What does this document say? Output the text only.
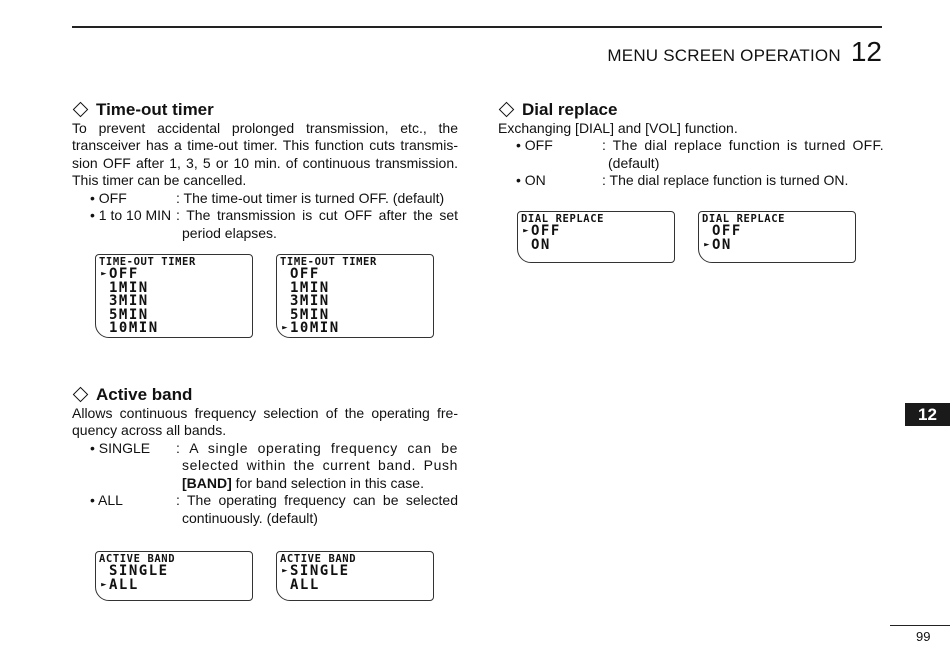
MENU SCREEN OPERATION 12
Time-out timer
To prevent accidental prolonged transmission, etc., the
transceiver has a time-out timer. This function cuts transmis-
sion OFF after 1, 3, 5 or 10 min. of continuous transmission.
This timer can be cancelled.
• OFF	: The time-out timer is turned OFF. (default)
• 1 to 10 MIN : The transmission is cut OFF after the set
period elapses.
TIME-OUT TIMER
► OFF
1MIN
3MIN
5MIN
10MIN
TIME-OUT TIMER
OFF
1MIN
3MIN
5MIN
► 10MIN
Active band
Allows continuous frequency selection of the operating fre-
quency across all bands.
• SINGLE	: A single operating frequency can be
selected within the current band. Push
[BAND] for band selection in this case.
• ALL	: The operating frequency can be selected
continuously. (default)
ACTIVE BAND
SINGLE
► ALL
ACTIVE BAND
► SINGLE
ALL
Dial replace
Exchanging [DIAL] and [VOL] function.
• OFF	: The dial replace function is turned OFF.
(default)
• ON	: The dial replace function is turned ON.
DIAL REPLACE
► OFF
ON
DIAL REPLACE
OFF
► ON
12
99
